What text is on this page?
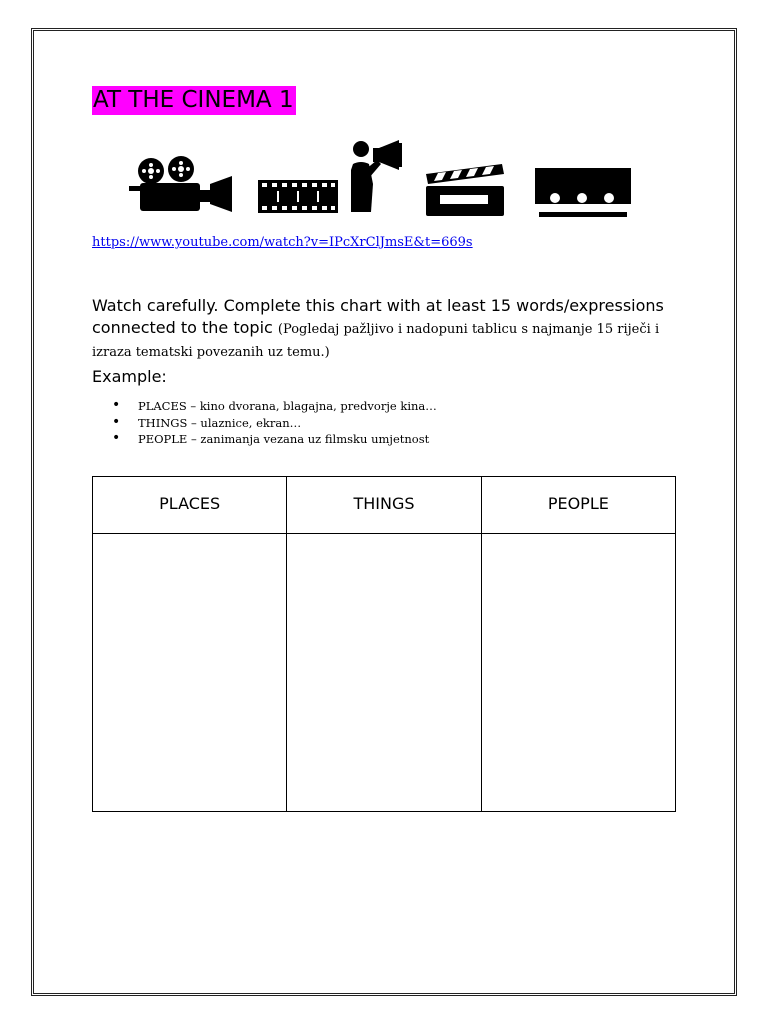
AT THE CINEMA 1
https://www.youtube.com/watch?v=IPcXrClJmsE&t=669s
Watch carefully. Complete this chart with at least 15 words/expressions connected to the topic (Pogledaj pažljivo i nadopuni tablicu s najmanje 15 riječi i izraza tematski povezanih uz temu.)
Example:
• PLACES – kino dvorana, blagajna, predvorje kina…
• THINGS – ulaznice, ekran…
• PEOPLE – zanimanja vezana uz filmsku umjetnost
PLACES	THINGS	PEOPLE
